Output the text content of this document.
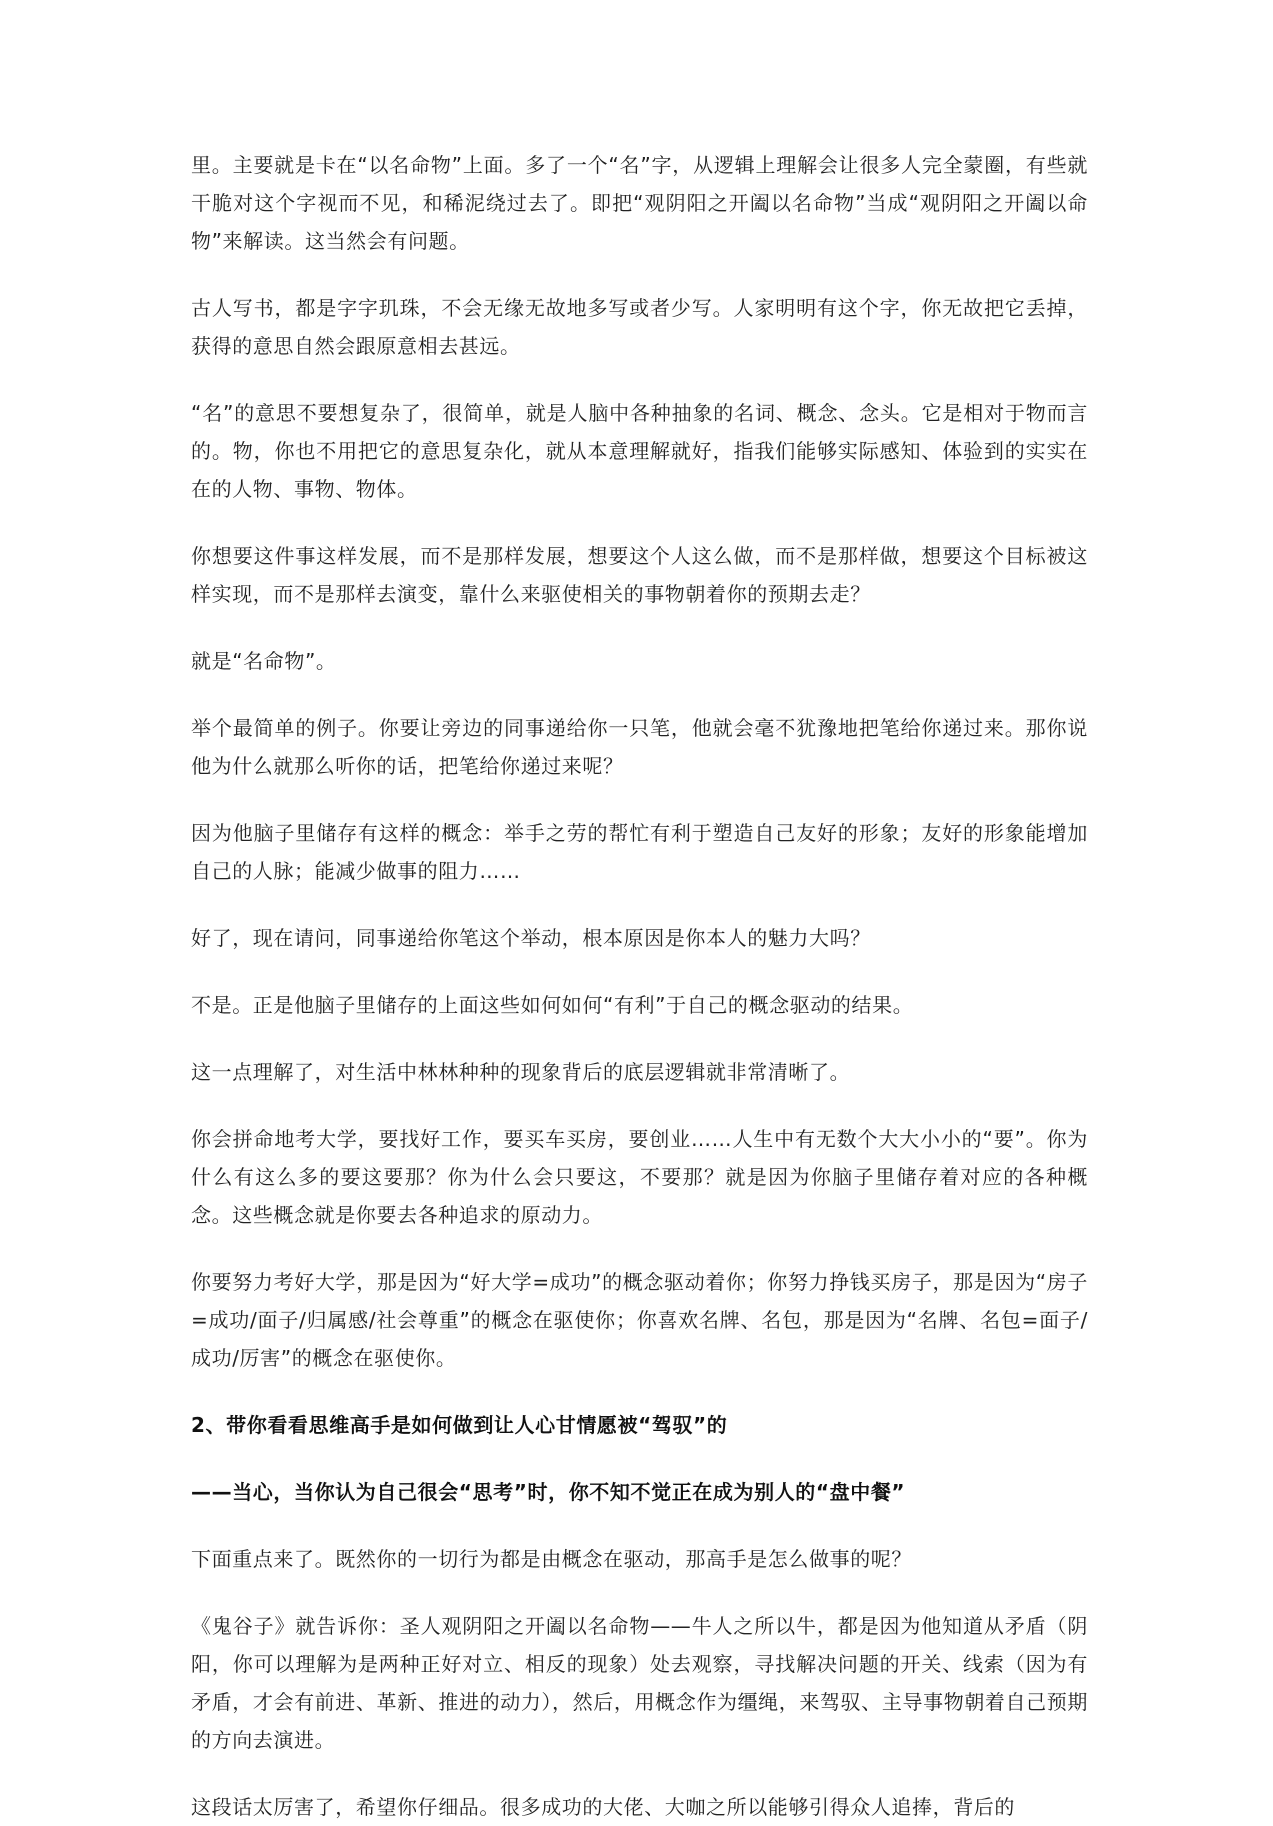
里。主要就是卡在“以名命物”上面。多了一个“名”字，从逻辑上理解会让很多人完全蒙圈，有些就干脆对这个字视而不见，和稀泥绕过去了。即把“观阴阳之开阖以名命物”当成“观阴阳之开阖以命物”来解读。这当然会有问题。

古人写书，都是字字玑珠，不会无缘无故地多写或者少写。人家明明有这个字，你无故把它丢掉，获得的意思自然会跟原意相去甚远。

“名”的意思不要想复杂了，很简单，就是人脑中各种抽象的名词、概念、念头。它是相对于物而言的。物，你也不用把它的意思复杂化，就从本意理解就好，指我们能够实际感知、体验到的实实在在的人物、事物、物体。

你想要这件事这样发展，而不是那样发展，想要这个人这么做，而不是那样做，想要这个目标被这样实现，而不是那样去演变，靠什么来驱使相关的事物朝着你的预期去走？

就是“名命物”。

举个最简单的例子。你要让旁边的同事递给你一只笔，他就会毫不犹豫地把笔给你递过来。那你说他为什么就那么听你的话，把笔给你递过来呢？

因为他脑子里储存有这样的概念：举手之劳的帮忙有利于塑造自己友好的形象；友好的形象能增加自己的人脉；能减少做事的阻力……

好了，现在请问，同事递给你笔这个举动，根本原因是你本人的魅力大吗？

不是。正是他脑子里储存的上面这些如何如何“有利”于自己的概念驱动的结果。

这一点理解了，对生活中林林种种的现象背后的底层逻辑就非常清晰了。

你会拼命地考大学，要找好工作，要买车买房，要创业……人生中有无数个大大小小的“要”。你为什么有这么多的要这要那？你为什么会只要这，不要那？就是因为你脑子里储存着对应的各种概念。这些概念就是你要去各种追求的原动力。

你要努力考好大学，那是因为“好大学=成功”的概念驱动着你；你努力挣钱买房子，那是因为“房子=成功/面子/归属感/社会尊重”的概念在驱使你；你喜欢名牌、名包，那是因为“名牌、名包=面子/成功/厉害”的概念在驱使你。

2、带你看看思维高手是如何做到让人心甘情愿被“驾驭”的

——当心，当你认为自己很会“思考”时，你不知不觉正在成为别人的“盘中餐”

下面重点来了。既然你的一切行为都是由概念在驱动，那高手是怎么做事的呢？

《鬼谷子》就告诉你：圣人观阴阳之开阖以名命物——牛人之所以牛，都是因为他知道从矛盾（阴阳，你可以理解为是两种正好对立、相反的现象）处去观察，寻找解决问题的开关、线索（因为有矛盾，才会有前进、革新、推进的动力），然后，用概念作为缰绳，来驾驭、主导事物朝着自己预期的方向去演进。

这段话太厉害了，希望你仔细品。很多成功的大佬、大咖之所以能够引得众人追捧，背后的
